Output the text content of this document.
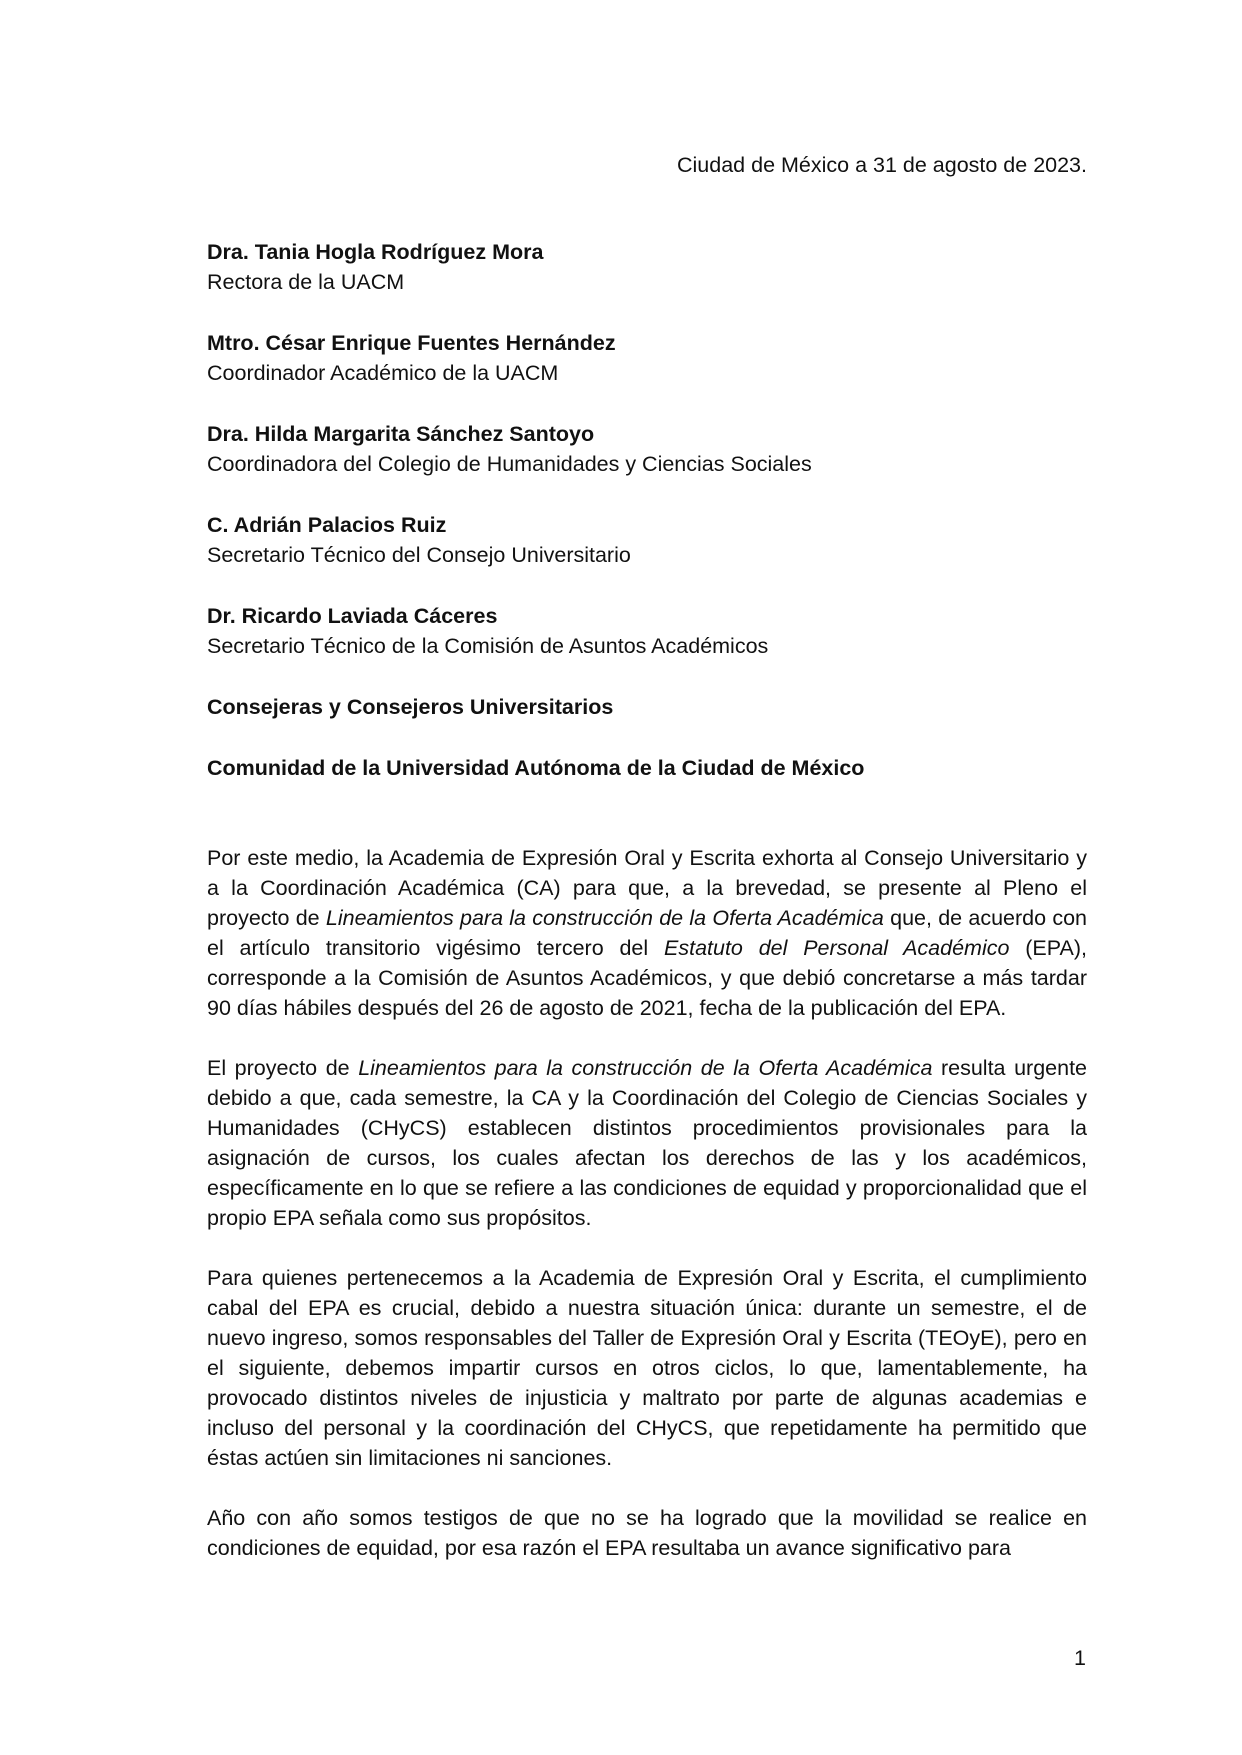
Ciudad de México a 31 de agosto de 2023.
Dra. Tania Hogla Rodríguez Mora
Rectora de la UACM
Mtro. César Enrique Fuentes Hernández
Coordinador Académico de la UACM
Dra. Hilda Margarita Sánchez Santoyo
Coordinadora del Colegio de Humanidades y Ciencias Sociales
C. Adrián Palacios Ruiz
Secretario Técnico del Consejo Universitario
Dr. Ricardo Laviada Cáceres
Secretario Técnico de la Comisión de Asuntos Académicos
Consejeras y Consejeros Universitarios
Comunidad de la Universidad Autónoma de la Ciudad de México

Por este medio, la Academia de Expresión Oral y Escrita exhorta al Consejo Universitario y a la Coordinación Académica (CA) para que, a la brevedad, se presente al Pleno el proyecto de Lineamientos para la construcción de la Oferta Académica que, de acuerdo con el artículo transitorio vigésimo tercero del Estatuto del Personal Académico (EPA), corresponde a la Comisión de Asuntos Académicos, y que debió concretarse a más tardar 90 días hábiles después del 26 de agosto de 2021, fecha de la publicación del EPA.

El proyecto de Lineamientos para la construcción de la Oferta Académica resulta urgente debido a que, cada semestre, la CA y la Coordinación del Colegio de Ciencias Sociales y Humanidades (CHyCS) establecen distintos procedimientos provisionales para la asignación de cursos, los cuales afectan los derechos de las y los académicos, específicamente en lo que se refiere a las condiciones de equidad y proporcionalidad que el propio EPA señala como sus propósitos.

Para quienes pertenecemos a la Academia de Expresión Oral y Escrita, el cumplimiento cabal del EPA es crucial, debido a nuestra situación única: durante un semestre, el de nuevo ingreso, somos responsables del Taller de Expresión Oral y Escrita (TEOyE), pero en el siguiente, debemos impartir cursos en otros ciclos, lo que, lamentablemente, ha provocado distintos niveles de injusticia y maltrato por parte de algunas academias e incluso del personal y la coordinación del CHyCS, que repetidamente ha permitido que éstas actúen sin limitaciones ni sanciones.

Año con año somos testigos de que no se ha logrado que la movilidad se realice en condiciones de equidad, por esa razón el EPA resultaba un avance significativo para

1
